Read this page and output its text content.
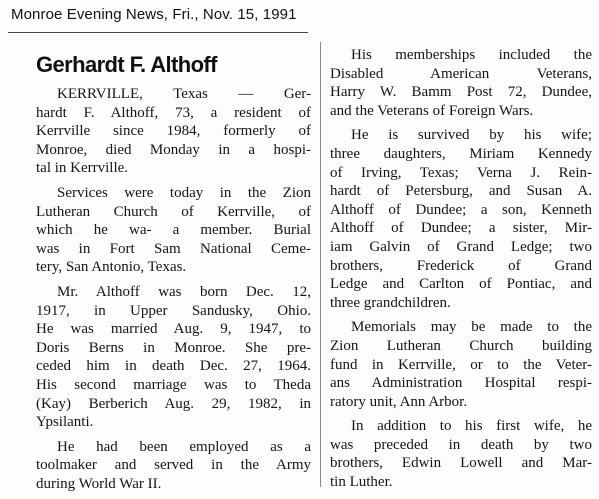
Monroe Evening News, Fri., Nov. 15, 1991
Gerhardt F. Althoff
KERRVILLE, Texas — Ger-
hardt F. Althoff, 73, a resident of
Kerrville since 1984, formerly of
Monroe, died Monday in a hospi-
tal in Kerrville.
Services were today in the Zion
Lutheran Church of Kerrville, of
which he wa- a member. Burial
was in Fort Sam National Ceme-
tery, San Antonio, Texas.
Mr. Althoff was born Dec. 12,
1917, in Upper Sandusky, Ohio.
He was married Aug. 9, 1947, to
Doris Berns in Monroe. She pre-
ceded him in death Dec. 27, 1964.
His second marriage was to Theda
(Kay) Berberich Aug. 29, 1982, in
Ypsilanti.
He had been employed as a
toolmaker and served in the Army
during World War II.
His memberships included the
Disabled American Veterans,
Harry W. Bamm Post 72, Dundee,
and the Veterans of Foreign Wars.
He is survived by his wife;
three daughters, Miriam Kennedy
of Irving, Texas; Verna J. Rein-
hardt of Petersburg, and Susan A.
Althoff of Dundee; a son, Kenneth
Althoff of Dundee; a sister, Mir-
iam Galvin of Grand Ledge; two
brothers, Frederick of Grand
Ledge and Carlton of Pontiac, and
three grandchildren.
Memorials may be made to the
Zion Lutheran Church building
fund in Kerrville, or to the Veter-
ans Administration Hospital respi-
ratory unit, Ann Arbor.
In addition to his first wife, he
was preceded in death by two
brothers, Edwin Lowell and Mar-
tin Luther.
